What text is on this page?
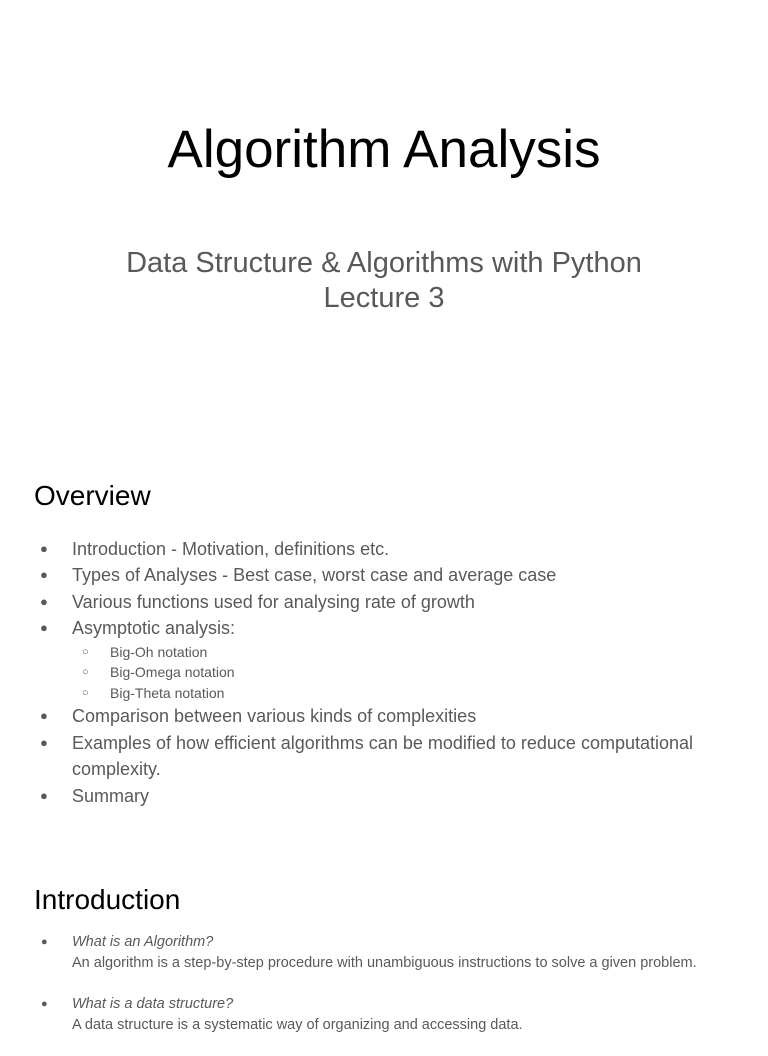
Algorithm Analysis
Data Structure & Algorithms with Python
Lecture 3
Overview
● Introduction - Motivation, definitions etc.
● Types of Analyses - Best case, worst case and average case
● Various functions used for analysing rate of growth
● Asymptotic analysis:
○ Big-Oh notation
○ Big-Omega notation
○ Big-Theta notation
● Comparison between various kinds of complexities
● Examples of how efficient algorithms can be modified to reduce computational complexity.
● Summary
Introduction
● What is an Algorithm?
An algorithm is a step-by-step procedure with unambiguous instructions to solve a given problem.
● What is a data structure?
A data structure is a systematic way of organizing and accessing data.
